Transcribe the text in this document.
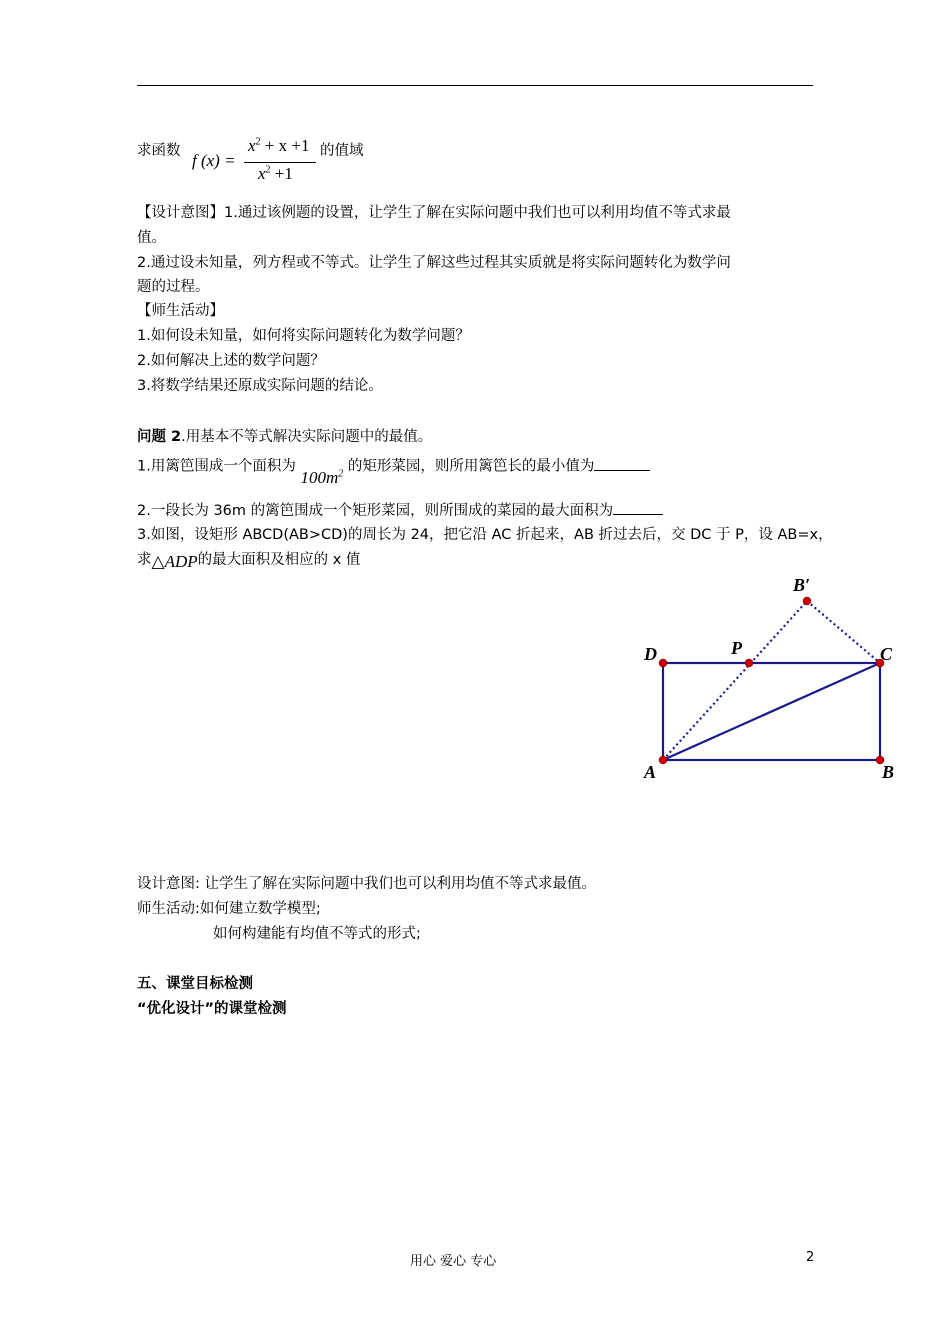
求函数 f (x) =
$x^2 + x +1$
$x^2 +1$
的值域
【设计意图】1.通过该例题的设置，让学生了解在实际问题中我们也可以利用均值不等式求最
值。
2.通过设未知量，列方程或不等式。让学生了解这些过程其实质就是将实际问题转化为数学问
题的过程。
【师生活动】
1.如何设未知量，如何将实际问题转化为数学问题？
2.如何解决上述的数学问题？
3.将数学结果还原成实际问题的结论。
问题 2.用基本不等式解决实际问题中的最值。
1.用篱笆围成一个面积为 $100m^2$ 的矩形菜园，则所用篱笆长的最小值为
2.一段长为 36m 的篱笆围成一个矩形菜园，则所围成的菜园的最大面积为
3.如图，设矩形 ABCD(AB>CD)的周长为 24，把它沿 AC 折起来，AB 折过去后，交 DC 于 P，设 AB=x，
求△ADP的最大面积及相应的 x 值
A	B
C
D	P
B′
设计意图: 让学生了解在实际问题中我们也可以利用均值不等式求最值。
师生活动:如何建立数学模型;
如何构建能有均值不等式的形式;
五、课堂目标检测
“优化设计”的课堂检测
用心 爱心 专心	2
